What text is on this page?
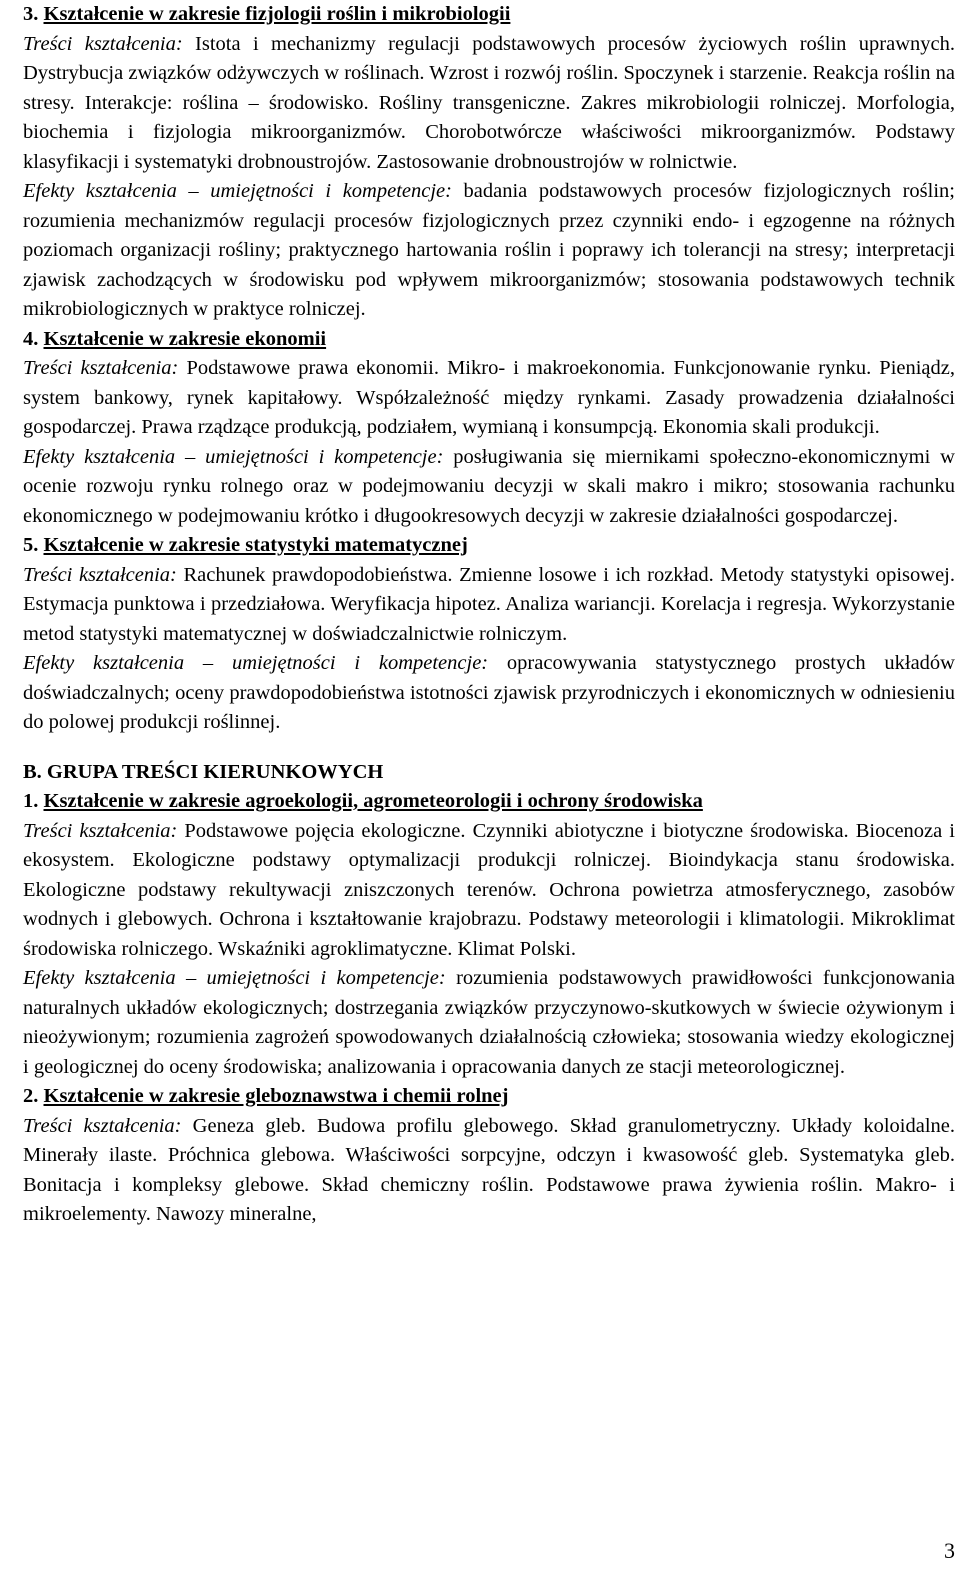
3. Kształcenie w zakresie fizjologii roślin i mikrobiologii

Treści kształcenia: Istota i mechanizmy regulacji podstawowych procesów życiowych roślin uprawnych. Dystrybucja związków odżywczych w roślinach. Wzrost i rozwój roślin. Spoczynek i starzenie. Reakcja roślin na stresy. Interakcje: roślina – środowisko. Rośliny transgeniczne. Zakres mikrobiologii rolniczej. Morfologia, biochemia i fizjologia mikroorganizmów. Chorobotwórcze właściwości mikroorganizmów. Podstawy klasyfikacji i systematyki drobnoustrojów. Zastosowanie drobnoustrojów w rolnictwie.

Efekty kształcenia – umiejętności i kompetencje: badania podstawowych procesów fizjologicznych roślin; rozumienia mechanizmów regulacji procesów fizjologicznych przez czynniki endo- i egzogenne na różnych poziomach organizacji rośliny; praktycznego hartowania roślin i poprawy ich tolerancji na stresy; interpretacji zjawisk zachodzących w środowisku pod wpływem mikroorganizmów; stosowania podstawowych technik mikrobiologicznych w praktyce rolniczej.

4. Kształcenie w zakresie ekonomii

Treści kształcenia: Podstawowe prawa ekonomii. Mikro- i makroekonomia. Funkcjonowanie rynku. Pieniądz, system bankowy, rynek kapitałowy. Współzależność między rynkami. Zasady prowadzenia działalności gospodarczej. Prawa rządzące produkcją, podziałem, wymianą i konsumpcją. Ekonomia skali produkcji.

Efekty kształcenia – umiejętności i kompetencje: posługiwania się miernikami społeczno-ekonomicznymi w ocenie rozwoju rynku rolnego oraz w podejmowaniu decyzji w skali makro i mikro; stosowania rachunku ekonomicznego w podejmowaniu krótko i długookresowych decyzji w zakresie działalności gospodarczej.

5. Kształcenie w zakresie statystyki matematycznej

Treści kształcenia: Rachunek prawdopodobieństwa. Zmienne losowe i ich rozkład. Metody statystyki opisowej. Estymacja punktowa i przedziałowa. Weryfikacja hipotez. Analiza wariancji. Korelacja i regresja. Wykorzystanie metod statystyki matematycznej w doświadczalnictwie rolniczym.

Efekty kształcenia – umiejętności i kompetencje: opracowywania statystycznego prostych układów doświadczalnych; oceny prawdopodobieństwa istotności zjawisk przyrodniczych i ekonomicznych w odniesieniu do polowej produkcji roślinnej.

B. GRUPA TREŚCI KIERUNKOWYCH

1. Kształcenie w zakresie agroekologii, agrometeorologii i ochrony środowiska

Treści kształcenia: Podstawowe pojęcia ekologiczne. Czynniki abiotyczne i biotyczne środowiska. Biocenoza i ekosystem. Ekologiczne podstawy optymalizacji produkcji rolniczej. Bioindykacja stanu środowiska. Ekologiczne podstawy rekultywacji zniszczonych terenów. Ochrona powietrza atmosferycznego, zasobów wodnych i glebowych. Ochrona i kształtowanie krajobrazu. Podstawy meteorologii i klimatologii. Mikroklimat środowiska rolniczego. Wskaźniki agroklimatyczne. Klimat Polski.

Efekty kształcenia – umiejętności i kompetencje: rozumienia podstawowych prawidłowości funkcjonowania naturalnych układów ekologicznych; dostrzegania związków przyczynowo-skutkowych w świecie ożywionym i nieożywionym; rozumienia zagrożeń spowodowanych działalnością człowieka; stosowania wiedzy ekologicznej i geologicznej do oceny środowiska; analizowania i opracowania danych ze stacji meteorologicznej.

2. Kształcenie w zakresie gleboznawstwa i chemii rolnej

Treści kształcenia: Geneza gleb. Budowa profilu glebowego. Skład granulometryczny. Układy koloidalne. Minerały ilaste. Próchnica glebowa. Właściwości sorpcyjne, odczyn i kwasowość gleb. Systematyka gleb. Bonitacja i kompleksy glebowe. Skład chemiczny roślin. Podstawowe prawa żywienia roślin. Makro- i mikroelementy. Nawozy mineralne,

3
